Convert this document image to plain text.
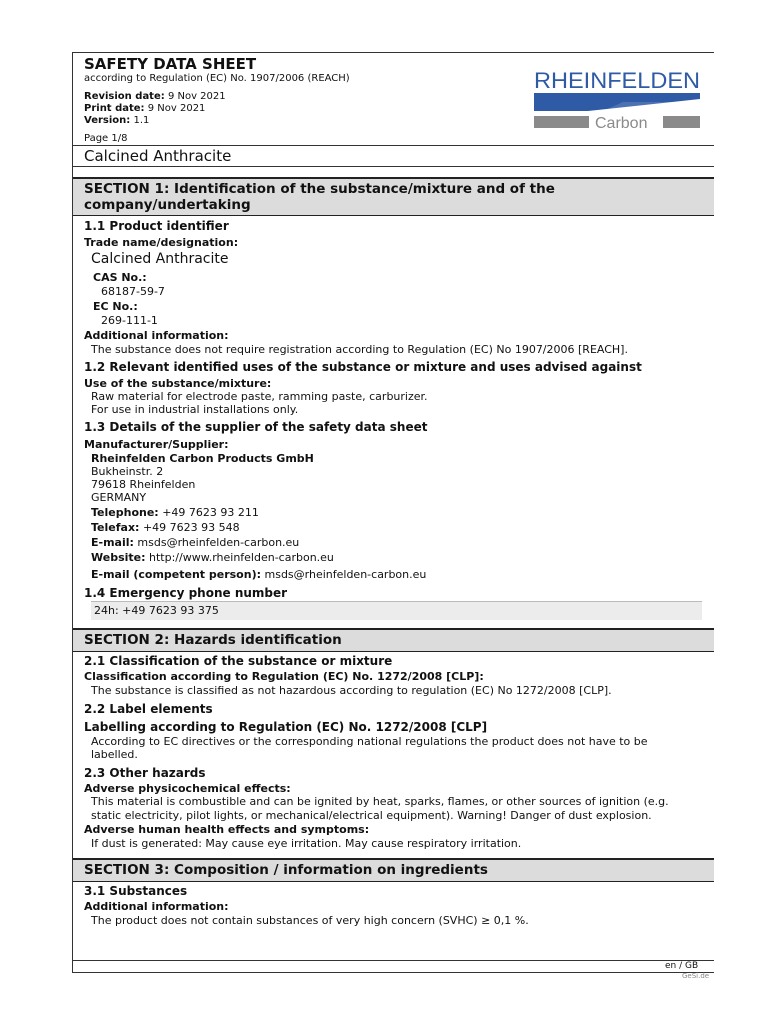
SAFETY DATA SHEET
according to Regulation (EC) No. 1907/2006 (REACH)
Revision date: 9 Nov 2021
Print date: 9 Nov 2021
Version: 1.1
Page 1/8
RHEINFELDEN
Carbon
Calcined Anthracite
SECTION 1: Identification of the substance/mixture and of the
company/undertaking
1.1 Product identifier
Trade name/designation:
Calcined Anthracite
CAS No.:
68187-59-7
EC No.:
269-111-1
Additional information:
The substance does not require registration according to Regulation (EC) No 1907/2006 [REACH].
1.2 Relevant identified uses of the substance or mixture and uses advised against
Use of the substance/mixture:
Raw material for electrode paste, ramming paste, carburizer.
For use in industrial installations only.
1.3 Details of the supplier of the safety data sheet
Manufacturer/Supplier:
Rheinfelden Carbon Products GmbH
Bukheinstr. 2
79618 Rheinfelden
GERMANY
Telephone: +49 7623 93 211
Telefax: +49 7623 93 548
E-mail: msds@rheinfelden-carbon.eu
Website: http://www.rheinfelden-carbon.eu
E-mail (competent person): msds@rheinfelden-carbon.eu
1.4 Emergency phone number
24h: +49 7623 93 375
SECTION 2: Hazards identification
2.1 Classification of the substance or mixture
Classification according to Regulation (EC) No. 1272/2008 [CLP]:
The substance is classified as not hazardous according to regulation (EC) No 1272/2008 [CLP].
2.2 Label elements
Labelling according to Regulation (EC) No. 1272/2008 [CLP]
According to EC directives or the corresponding national regulations the product does not have to be
labelled.
2.3 Other hazards
Adverse physicochemical effects:
This material is combustible and can be ignited by heat, sparks, flames, or other sources of ignition (e.g.
static electricity, pilot lights, or mechanical/electrical equipment). Warning! Danger of dust explosion.
Adverse human health effects and symptoms:
If dust is generated: May cause eye irritation. May cause respiratory irritation.
SECTION 3: Composition / information on ingredients
3.1 Substances
Additional information:
The product does not contain substances of very high concern (SVHC) ≥ 0,1 %.
en / GB
GeSi.de
